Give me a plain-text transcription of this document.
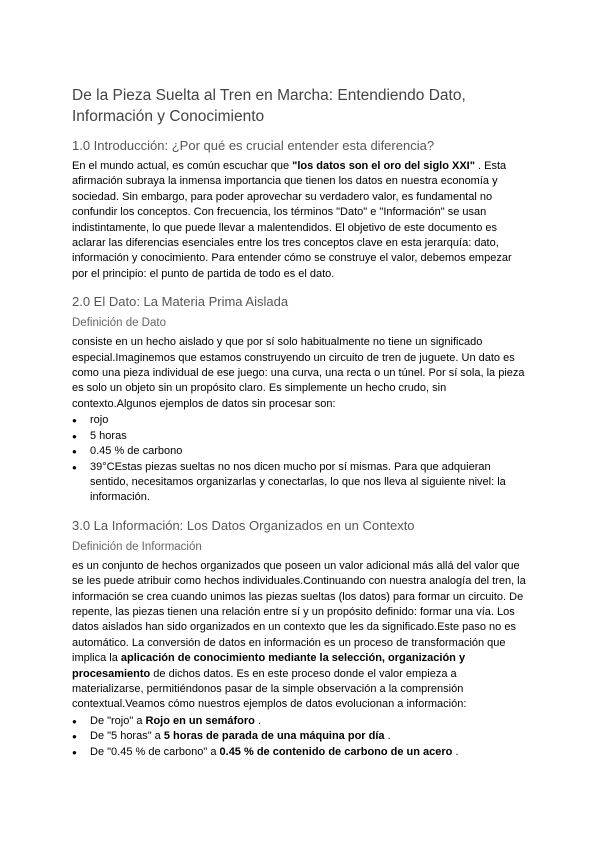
De la Pieza Suelta al Tren en Marcha: Entendiendo Dato, Información y Conocimiento
1.0 Introducción: ¿Por qué es crucial entender esta diferencia?

En el mundo actual, es común escuchar que "los datos son el oro del siglo XXI" . Esta afirmación subraya la inmensa importancia que tienen los datos en nuestra economía y sociedad. Sin embargo, para poder aprovechar su verdadero valor, es fundamental no confundir los conceptos. Con frecuencia, los términos "Dato" e "Información" se usan indistintamente, lo que puede llevar a malentendidos. El objetivo de este documento es aclarar las diferencias esenciales entre los tres conceptos clave en esta jerarquía: dato, información y conocimiento. Para entender cómo se construye el valor, debemos empezar por el principio: el punto de partida de todo es el dato.

2.0 El Dato: La Materia Prima Aislada
Definición de Dato

consiste en un hecho aislado y que por sí solo habitualmente no tiene un significado especial.Imaginemos que estamos construyendo un circuito de tren de juguete. Un dato es como una pieza individual de ese juego: una curva, una recta o un túnel. Por sí sola, la pieza es solo un objeto sin un propósito claro. Es simplemente un hecho crudo, sin contexto.Algunos ejemplos de datos sin procesar son:

● rojo
● 5 horas
● 0.45 % de carbono
● 39°CEstas piezas sueltas no nos dicen mucho por sí mismas. Para que adquieran sentido, necesitamos organizarlas y conectarlas, lo que nos lleva al siguiente nivel: la información.
3.0 La Información: Los Datos Organizados en un Contexto
Definición de Información

es un conjunto de hechos organizados que poseen un valor adicional más allá del valor que se les puede atribuir como hechos individuales.Continuando con nuestra analogía del tren, la información se crea cuando unimos las piezas sueltas (los datos) para formar un circuito. De repente, las piezas tienen una relación entre sí y un propósito definido: formar una vía. Los datos aislados han sido organizados en un contexto que les da significado.Este paso no es automático. La conversión de datos en información es un proceso de transformación que implica la aplicación de conocimiento mediante la selección, organización y procesamiento de dichos datos. Es en este proceso donde el valor empieza a materializarse, permitiéndonos pasar de la simple observación a la comprensión contextual.Veamos cómo nuestros ejemplos de datos evolucionan a información:

● De "rojo" a Rojo en un semáforo .
● De "5 horas" a 5 horas de parada de una máquina por día .
● De "0.45 % de carbono" a 0.45 % de contenido de carbono de un acero .
